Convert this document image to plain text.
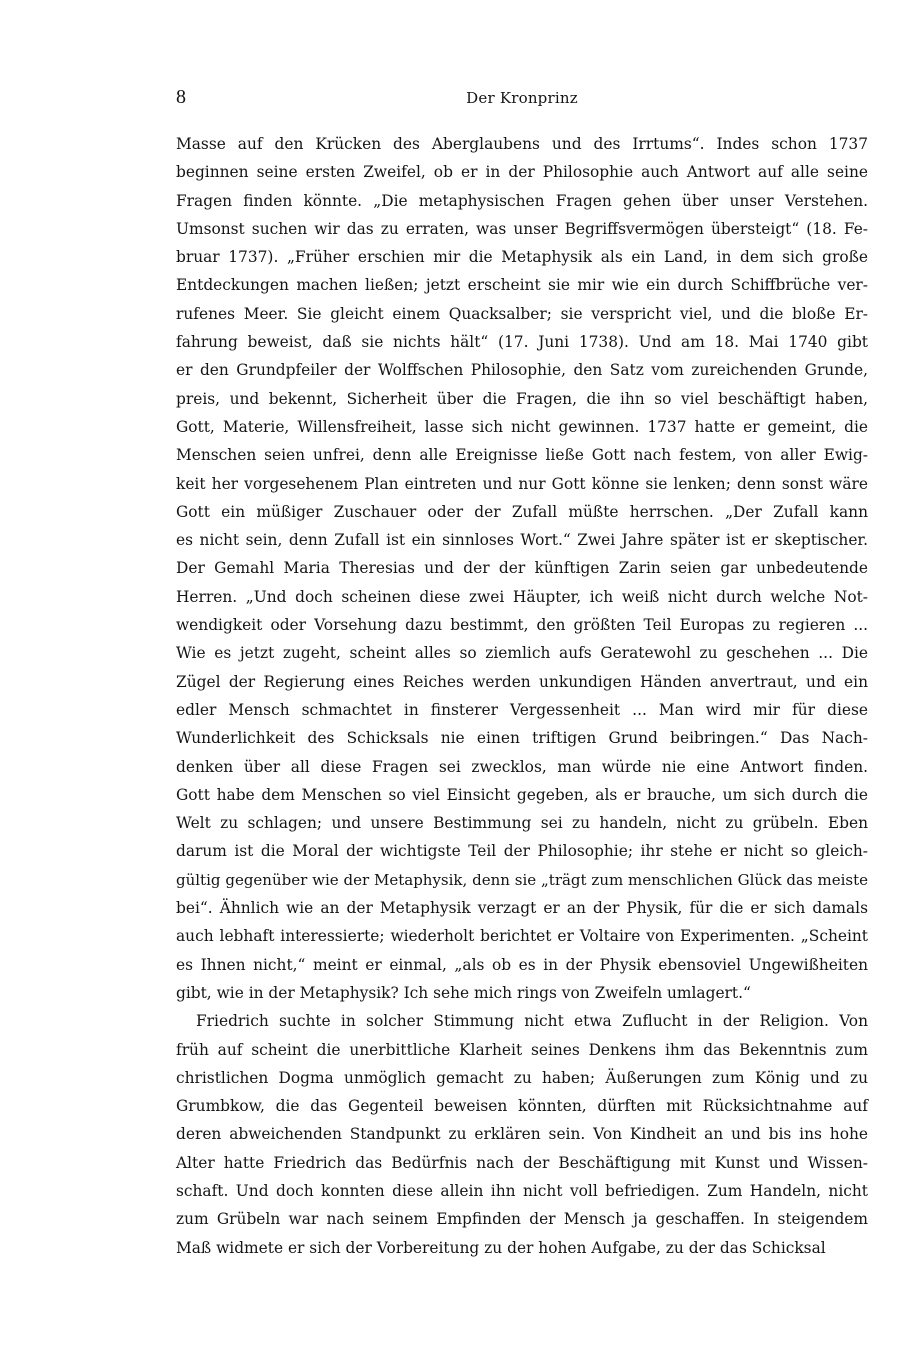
8	Der Kronprinz
Masse auf den Krücken des Aberglaubens und des Irrtums“. Indes schon 1737
beginnen seine ersten Zweifel, ob er in der Philosophie auch Antwort auf alle seine
Fragen finden könnte. „Die metaphysischen Fragen gehen über unser Verstehen.
Umsonst suchen wir das zu erraten, was unser Begriffsvermögen übersteigt“ (18. Fe-
bruar 1737). „Früher erschien mir die Metaphysik als ein Land, in dem sich große
Entdeckungen machen ließen; jetzt erscheint sie mir wie ein durch Schiffbrüche ver-
rufenes Meer. Sie gleicht einem Quacksalber; sie verspricht viel, und die bloße Er-
fahrung beweist, daß sie nichts hält“ (17. Juni 1738). Und am 18. Mai 1740 gibt
er den Grundpfeiler der Wolffschen Philosophie, den Satz vom zureichenden Grunde,
preis, und bekennt, Sicherheit über die Fragen, die ihn so viel beschäftigt haben,
Gott, Materie, Willensfreiheit, lasse sich nicht gewinnen. 1737 hatte er gemeint, die
Menschen seien unfrei, denn alle Ereignisse ließe Gott nach festem, von aller Ewig-
keit her vorgesehenem Plan eintreten und nur Gott könne sie lenken; denn sonst wäre
Gott ein müßiger Zuschauer oder der Zufall müßte herrschen. „Der Zufall kann
es nicht sein, denn Zufall ist ein sinnloses Wort.“ Zwei Jahre später ist er skeptischer.
Der Gemahl Maria Theresias und der der künftigen Zarin seien gar unbedeutende
Herren. „Und doch scheinen diese zwei Häupter, ich weiß nicht durch welche Not-
wendigkeit oder Vorsehung dazu bestimmt, den größten Teil Europas zu regieren ...
Wie es jetzt zugeht, scheint alles so ziemlich aufs Geratewohl zu geschehen ... Die
Zügel der Regierung eines Reiches werden unkundigen Händen anvertraut, und ein
edler Mensch schmachtet in finsterer Vergessenheit ... Man wird mir für diese
Wunderlichkeit des Schicksals nie einen triftigen Grund beibringen.“ Das Nach-
denken über all diese Fragen sei zwecklos, man würde nie eine Antwort finden.
Gott habe dem Menschen so viel Einsicht gegeben, als er brauche, um sich durch die
Welt zu schlagen; und unsere Bestimmung sei zu handeln, nicht zu grübeln. Eben
darum ist die Moral der wichtigste Teil der Philosophie; ihr stehe er nicht so gleich-
gültig gegenüber wie der Metaphysik, denn sie „trägt zum menschlichen Glück das meiste
bei“. Ähnlich wie an der Metaphysik verzagt er an der Physik, für die er sich damals
auch lebhaft interessierte; wiederholt berichtet er Voltaire von Experimenten. „Scheint
es Ihnen nicht,“ meint er einmal, „als ob es in der Physik ebensoviel Ungewißheiten
gibt, wie in der Metaphysik? Ich sehe mich rings von Zweifeln umlagert.“
Friedrich suchte in solcher Stimmung nicht etwa Zuflucht in der Religion. Von
früh auf scheint die unerbittliche Klarheit seines Denkens ihm das Bekenntnis zum
christlichen Dogma unmöglich gemacht zu haben; Äußerungen zum König und zu
Grumbkow, die das Gegenteil beweisen könnten, dürften mit Rücksichtnahme auf
deren abweichenden Standpunkt zu erklären sein. Von Kindheit an und bis ins hohe
Alter hatte Friedrich das Bedürfnis nach der Beschäftigung mit Kunst und Wissen-
schaft. Und doch konnten diese allein ihn nicht voll befriedigen. Zum Handeln, nicht
zum Grübeln war nach seinem Empfinden der Mensch ja geschaffen. In steigendem
Maß widmete er sich der Vorbereitung zu der hohen Aufgabe, zu der das Schicksal
